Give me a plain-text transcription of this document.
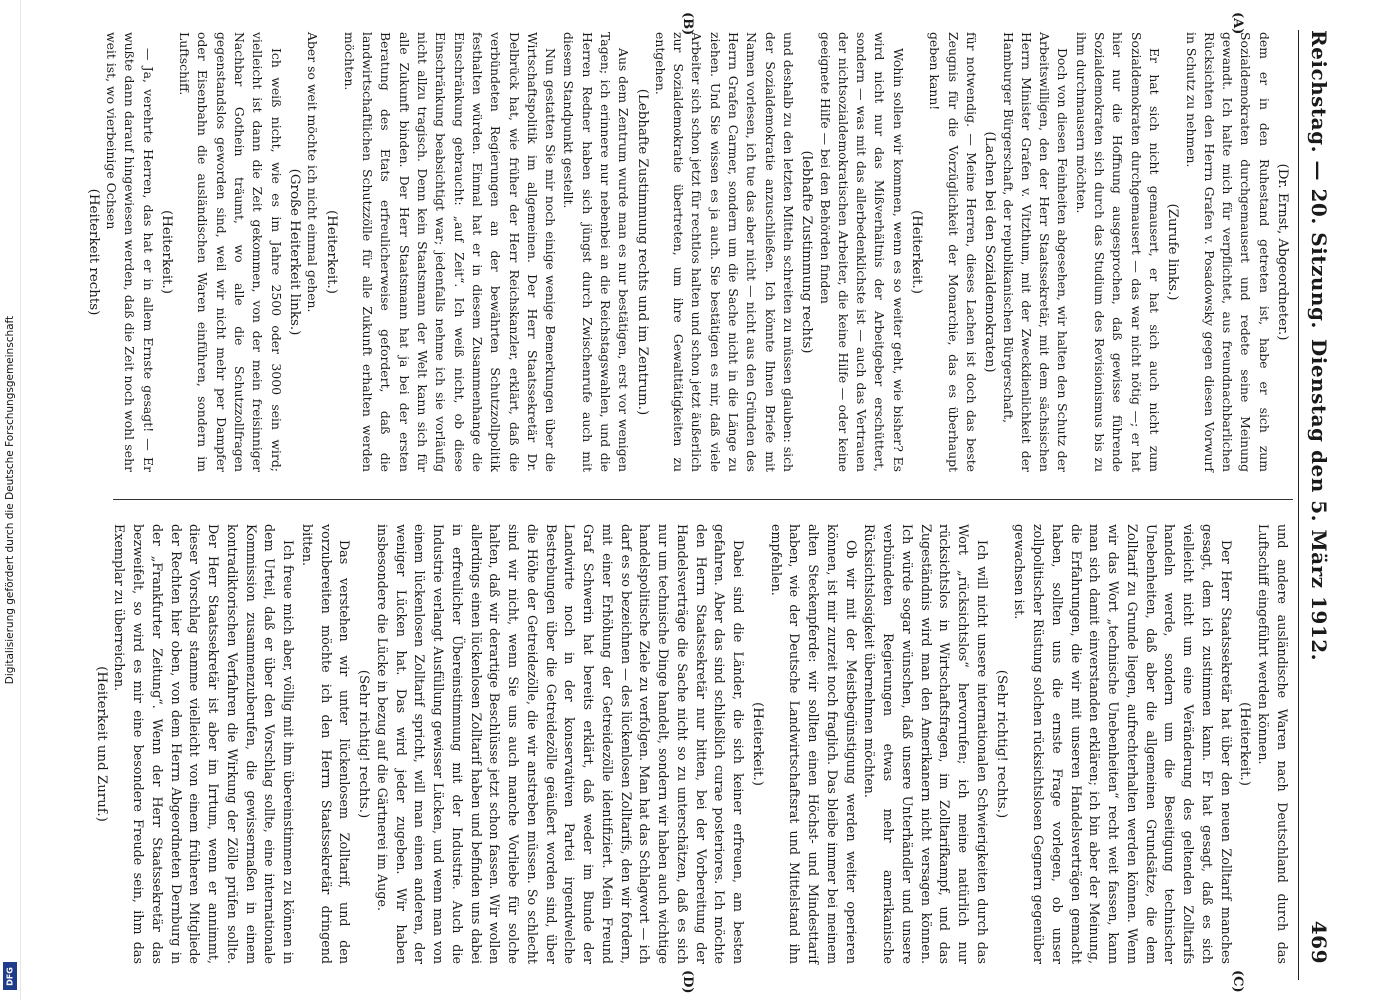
Digitalisierung gefördert durch die Deutsche Forschungsgemeinschaft
DFG
Reichstag. — 20. Sitzung.
Dienstag den 5. März 1912.
469
(A)
(B)
(C)
(D)

(Dr. Ernst, Abgeordneter.)

dem er in den Ruhestand getreten ist, habe er sich zum Sozialdemokraten durchgemausert und redete seine Meinung gewandt. Ich halte mich für verpflichtet, aus freundnachbarlichen Rücksichten den Herrn Grafen v. Posadowsky gegen diesen Vorwurf in Schutz zu nehmen.

(Zurufe links.)

Er hat sich nicht gemausert, er hat sich auch nicht zum Sozialdemokraten durchgemausert — das war nicht nötig —; er hat hier nur die Hoffnung ausgesprochen, daß gewisse führende Sozialdemokraten sich durch das Studium des Revisionismus bis zu ihm durchmausern möchten.

Doch von diesen Feinheiten abgesehen, wir halten den Schutz der Arbeitswilligen, den der Herr Staatssekretär, mit dem sächsischen Herrn Minister Grafen v. Vitzthum, mit der Zweckdienlichkeit der Hamburger Bürgerschaft, der republikanischen Bürgerschaft,

(Lachen bei den Sozialdemokraten)

für notwendig. — Meine Herren, dieses Lachen ist doch das beste Zeugnis für die Vorzüglichkeit der Monarchie, das es überhaupt geben kann!

(Heiterkeit.)

Wohin sollen wir kommen, wenn es so weiter geht, wie bisher? Es wird nicht nur das Mißverhältnis der Arbeitgeber erschüttert, sondern — was mit das allerbedenklichste ist — auch das Vertrauen der nichtsozialdemokratischen Arbeiter, die keine Hilfe — oder keine geeignete Hilfe — bei den Behörden finden

(lebhafte Zustimmung rechts)

und deshalb zu den letzten Mitteln schreiten zu müssen glauben: sich der Sozialdemokratie anzuschließen. Ich könnte Ihnen Briefe mit Namen vorlesen, ich tue das aber nicht — nicht aus den Gründen des Herrn Grafen Carmer, sondern um die Sache nicht in die Länge zu ziehen. Und Sie wissen es ja auch. Sie bestätigen es mir, daß viele Arbeiter sich schon jetzt für rechtlos halten und schon jetzt äußerlich zur Sozialdemokratie übertreten, um ihre Gewalttätigkeiten zu entgehen.

(Lebhafte Zustimmung rechts und im Zentrum.)

Aus dem Zentrum wurde man es nur bestätigen, erst vor wenigen Tagen; ich erinnere nur nebenbei an die Reichstagswahlen, und die Herren Redner haben sich jüngst durch Zwischenrufe auch mit diesem Standpunkt gestellt.

Nun gestatten Sie mir noch einige wenige Bemerkungen über die Wirtschaftspolitik im allgemeinen. Der Herr Staatssekretär Dr. Delbrück hat, wie früher der Herr Reichskanzler, erklärt, daß die verbündeten Regierungen an der bewährten Schutzzollpolitik festhalten würden. Einmal hat er in diesem Zusammenhange die Einschränkung gebraucht: „auf Zeit“. Ich weiß nicht, ob diese Einschränkung beabsichtigt war; jedenfalls nehme ich sie vorläufig nicht allzu tragisch. Denn kein Staatsmann der Welt kann sich für alle Zukunft binden. Der Herr Staatsmann hat ja bei der ersten Beratung des Etats erfreulicherweise gefordert, daß die landwirtschaftlichen Schutzzölle für alle Zukunft erhalten werden möchten.

(Heiterkeit.)

Aber so weit möchte ich nicht einmal gehen.

(Große Heiterkeit links.)

Ich weiß nicht, wie es im Jahre 2500 oder 3000 sein wird; vielleicht ist dann die Zeit gekommen, von der mein freisinniger Nachbar Gothein träumt, wo alle die Schutzzollfragen gegenstandslos geworden sind, weil wir nicht mehr per Dampfer oder Eisenbahn die ausländischen Waren einführen, sondern im Luftschiff.

(Heiterkeit.)

— Ja, verehrte Herren, das hat er in allem Ernste gesagt! — Er wußte dann darauf hingewiesen werden, daß die Zeit noch wohl sehr weit ist, wo vierbeinige Ochsen

(Heiterkeit rechts)

und andere ausländische Waren nach Deutschland durch das Luftschiff eingeführt werden können.

(Heiterkeit.)

Der Herr Staatssekretär hat über den neuen Zolltarif manches gesagt, dem ich zustimmen kann. Er hat gesagt, daß es sich vielleicht nicht um eine Veränderung des geltenden Zolltarifs handeln werde, sondern um die Beseitigung technischer Unebenheiten, daß aber die allgemeinen Grundsätze, die dem Zolltarif zu Grunde liegen, aufrechterhalten werden können. Wenn wir das Wort „technische Unebenheiten“ recht weit fassen, kann man sich damit einverstanden erklären; ich bin aber der Meinung, die Erfahrungen, die wir mit unseren Handelsverträgen gemacht haben, sollten uns die ernste Frage vorlegen, ob unser zollpolitischer Rüstung solchen rücksichtslosen Gegnern gegenüber gewachsen ist.

(Sehr richtig! rechts.)

Ich will nicht unsere internationalen Schwierigkeiten durch das Wort „rücksichtslos“ hervorrufen; ich meine natürlich nur rücksichtslos in Wirtschaftsfragen, im Zolltarifkampf, und das Zugeständnis wird man den Amerikanern nicht versagen können. Ich würde sogar wünschen, daß unsere Unterhändler und unsere verbündeten Regierungen etwas mehr amerikanische Rücksichtslosigkeit übernehmen möchten.

Ob wir mit der Meistbegünstigung werden weiter operieren können, ist mir zurzeit noch fraglich. Das bleibe immer bei meinem alten Steckenpferde: wir sollten einen Höchst- und Mindesttarif haben, wie der Deutsche Landwirtschaftsrat und Mittelstand ihn empfehlen.

(Heiterkeit.)

Dabei sind die Länder, die sich keiner erfreuen, am besten gefahren. Aber das sind schließlich curae posteriores. Ich möchte den Herrn Staatssekretär nur bitten, bei der Vorbereitung der Handelsverträge die Sache nicht so zu unterschätzen, daß es sich nur um technische Dinge handelt, sondern wir haben auch wichtige handelspolitische Ziele zu verfolgen. Man hat das Schlagwort — ich darf es so bezeichnen — des lückenlosen Zolltarifs, den wir fordern, mit einer Erhöhung der Getreidezölle identifiziert. Mein Freund Graf Schwerin hat bereits erklärt, daß weder im Bunde der Landwirte noch in der konservativen Partei irgendwelche Bestrebungen über die Getreidezölle geäußert worden sind, über die Höhe der Getreidezölle, die wir anstreben müssen. So schlecht sind wir nicht, wenn Sie uns auch manche Vorliebe für solche halten, daß wir derartige Beschlüsse jetzt schon fassen. Wir wollen allerdings einen lückenlosen Zolltarif haben und befinden uns dabei in erfreulicher Übereinstimmung mit der Industrie. Auch die Industrie verlangt Ausfüllung gewisser Lücken, und wenn man von einem lückenlosen Zolltarif spricht, will man einen anderen, der weniger Lücken hat. Das wird jeder zugeben. Wir haben insbesondere die Lücke in bezug auf die Gärtnerei im Auge.

(Sehr richtig! rechts.)

Das verstehen wir unter lückenlosem Zolltarif, und den vorzubereiten möchte ich den Herrn Staatssekretär dringend bitten.

Ich freue mich aber, völlig mit ihm übereinstimmen zu können in dem Urteil, daß er über den Vorschlag sollte, eine internationale Kommission zusammenzuberufen, die gewissermaßen in einem kontradiktorischen Verfahren die Wirkung der Zölle prüfen sollte. Der Herr Staatssekretär ist aber im Irrtum, wenn er annimmt, dieser Vorschlag stamme vielleicht von einem früheren Mitgliede der Rechten hier oben, von dem Herrn Abgeordneten Dernburg in der „Frankfurter Zeitung“. Wenn der Herr Staatssekretär das bezweifelt, so wird es mir eine besondere Freude sein, ihm das Exemplar zu überreichen.

(Heiterkeit und Zuruf.)
